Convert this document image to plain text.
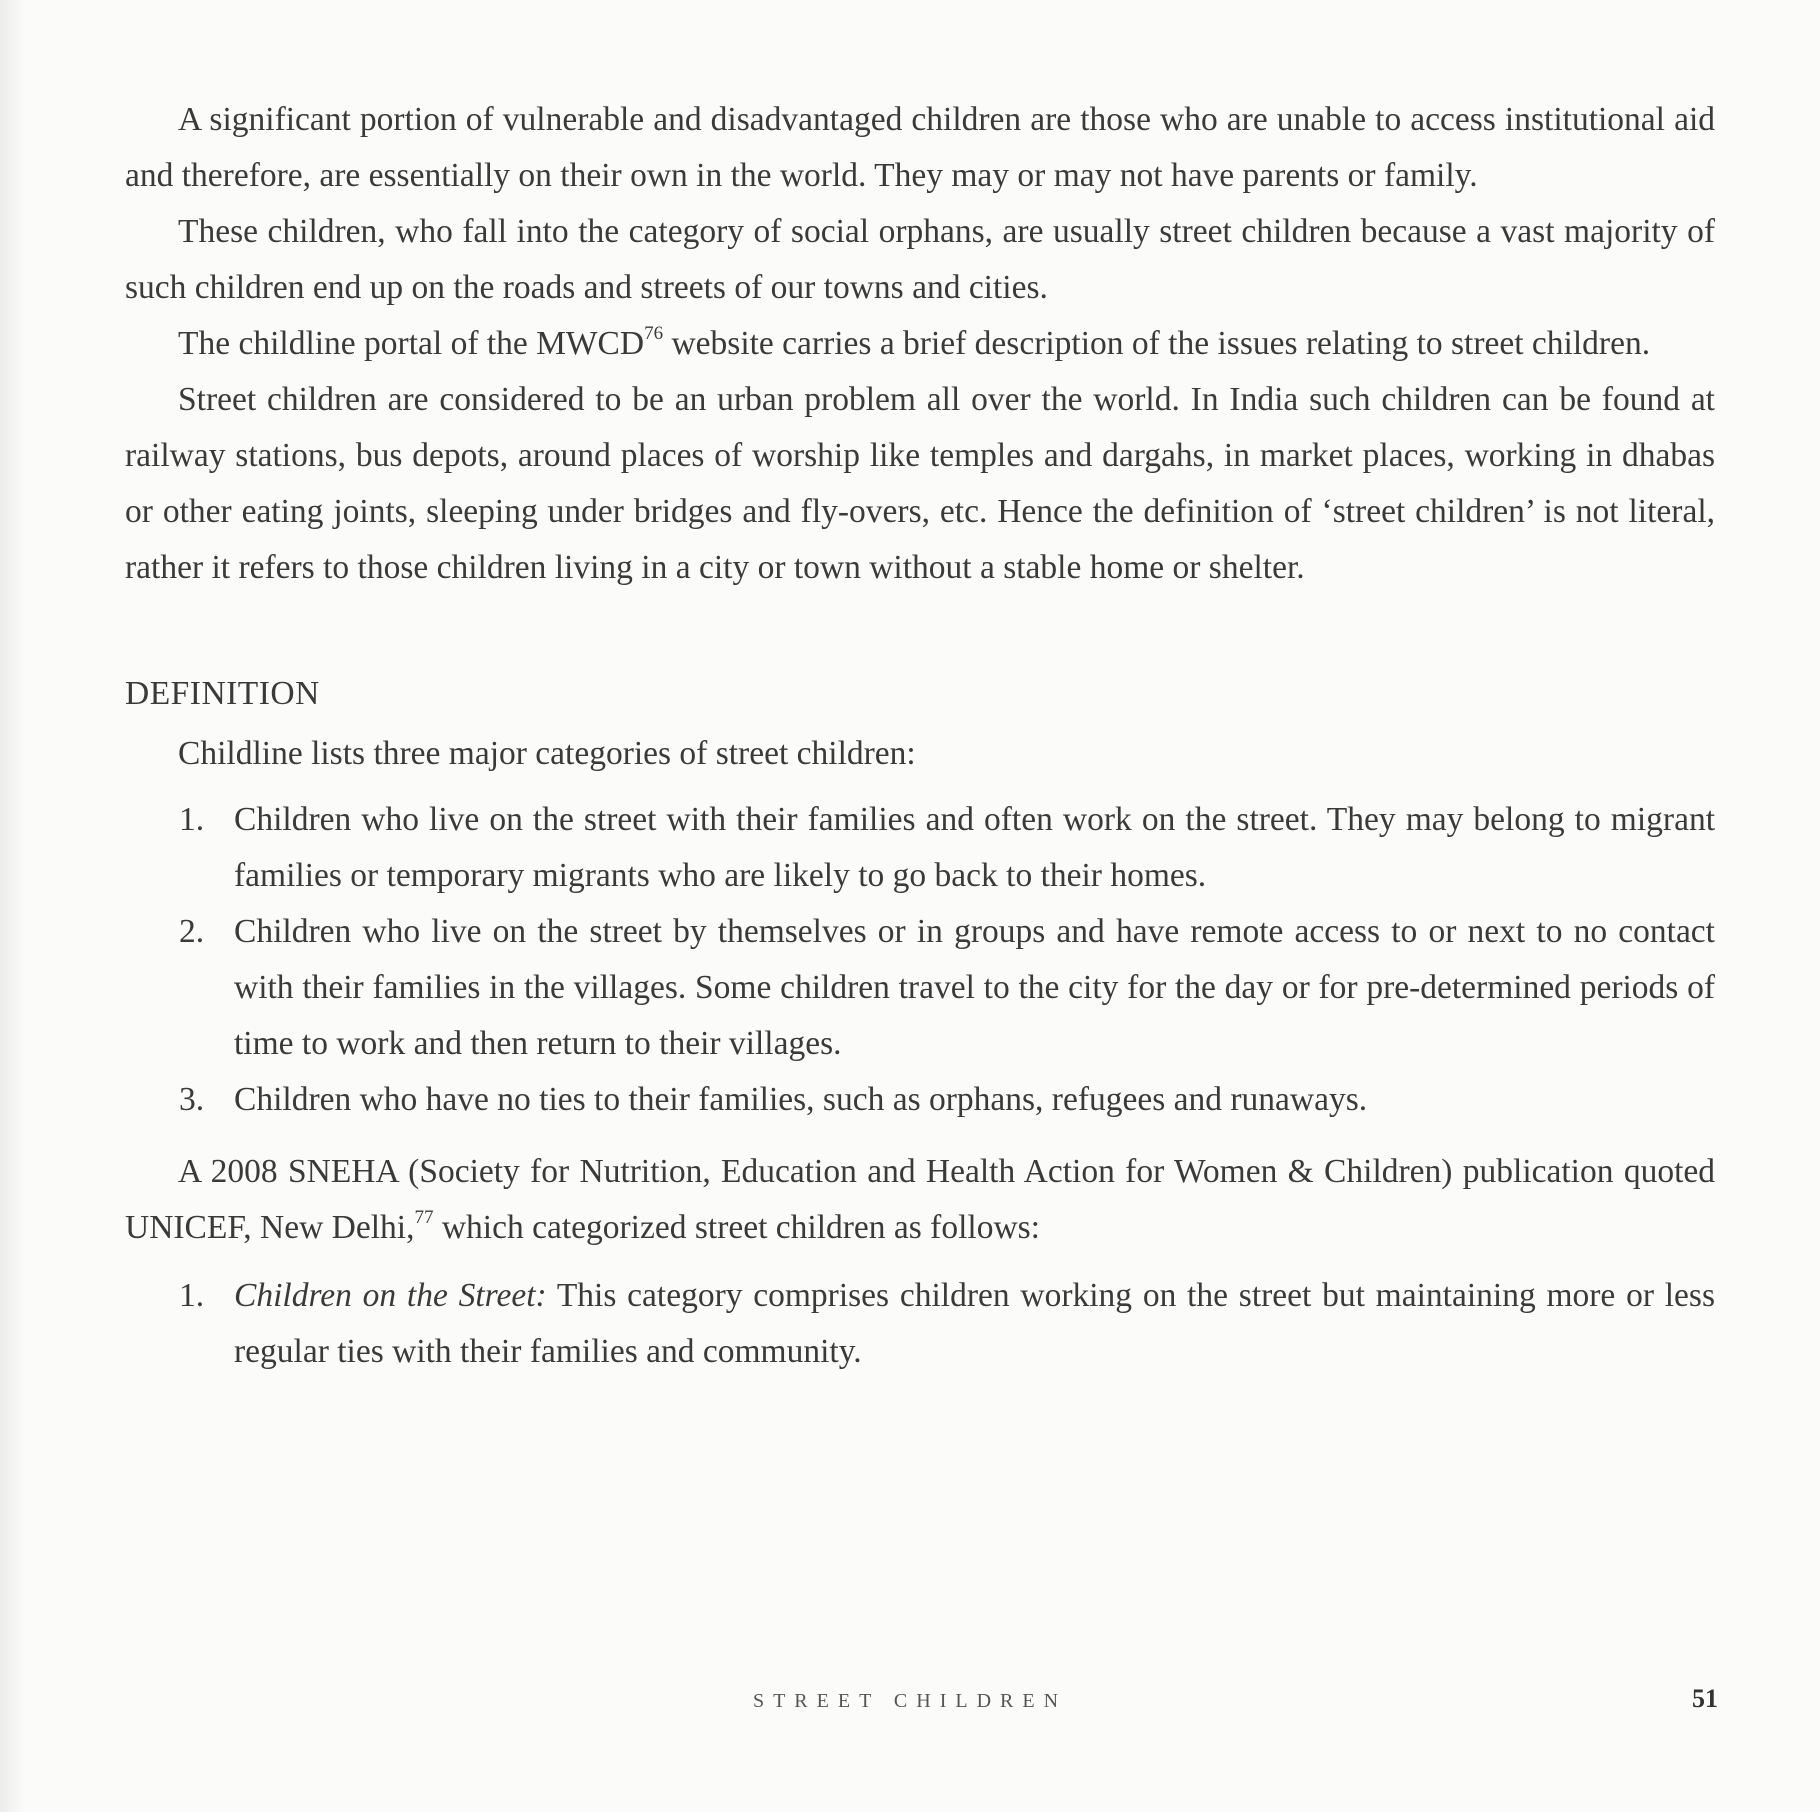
A significant portion of vulnerable and disadvantaged children are those who are unable to access institutional aid and therefore, are essentially on their own in the world. They may or may not have parents or family.

These children, who fall into the category of social orphans, are usually street children because a vast majority of such children end up on the roads and streets of our towns and cities.

The childline portal of the MWCD$^{76}$ website carries a brief description of the issues relating to street children.

Street children are considered to be an urban problem all over the world. In India such children can be found at railway stations, bus depots, around places of worship like temples and dargahs, in market places, working in dhabas or other eating joints, sleeping under bridges and fly-overs, etc. Hence the definition of ‘street children’ is not literal, rather it refers to those children living in a city or town without a stable home or shelter.

DEFINITION

Childline lists three major categories of street children:

1. Children who live on the street with their families and often work on the street. They may belong to migrant families or temporary migrants who are likely to go back to their homes.
2. Children who live on the street by themselves or in groups and have remote access to or next to no contact with their families in the villages. Some children travel to the city for the day or for pre-determined periods of time to work and then return to their villages.
3. Children who have no ties to their families, such as orphans, refugees and runaways.

A 2008 SNEHA (Society for Nutrition, Education and Health Action for Women & Children) publication quoted UNICEF, New Delhi,$^{77}$ which categorized street children as follows:

1. Children on the Street: This category comprises children working on the street but maintaining more or less regular ties with their families and community.
STREET CHILDREN	51
